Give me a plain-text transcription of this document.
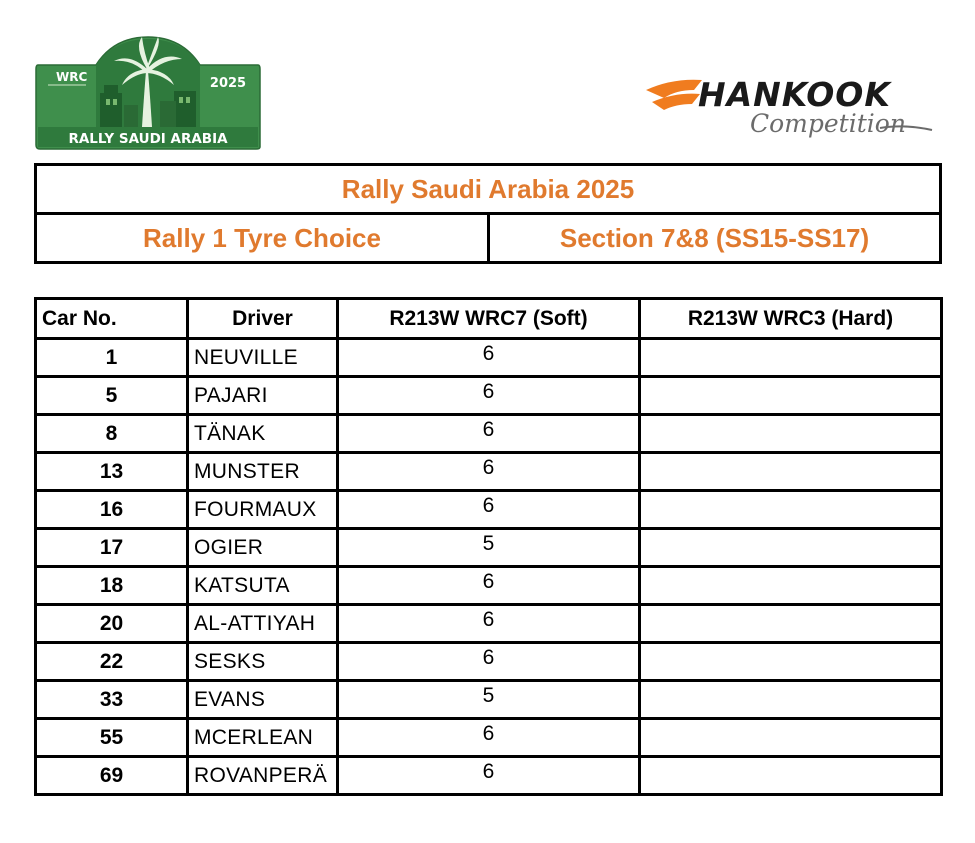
RALLY SAUDI ARABIA
WRC	2025	HANKOOK
Competition
Rally Saudi Arabia 2025
Rally 1 Tyre Choice	Section 7&8 (SS15-SS17)
Car No.	Driver	R213W WRC7 (Soft)	R213W WRC3 (Hard)
1	NEUVILLE	6	
5	PAJARI	6	
8	TÄNAK	6	
13	MUNSTER	6	
16	FOURMAUX	6	
17	OGIER	5	
18	KATSUTA	6	
20	AL-ATTIYAH	6	
22	SESKS	6	
33	EVANS	5	
55	MCERLEAN	6	
69	ROVANPERÄ	6	
